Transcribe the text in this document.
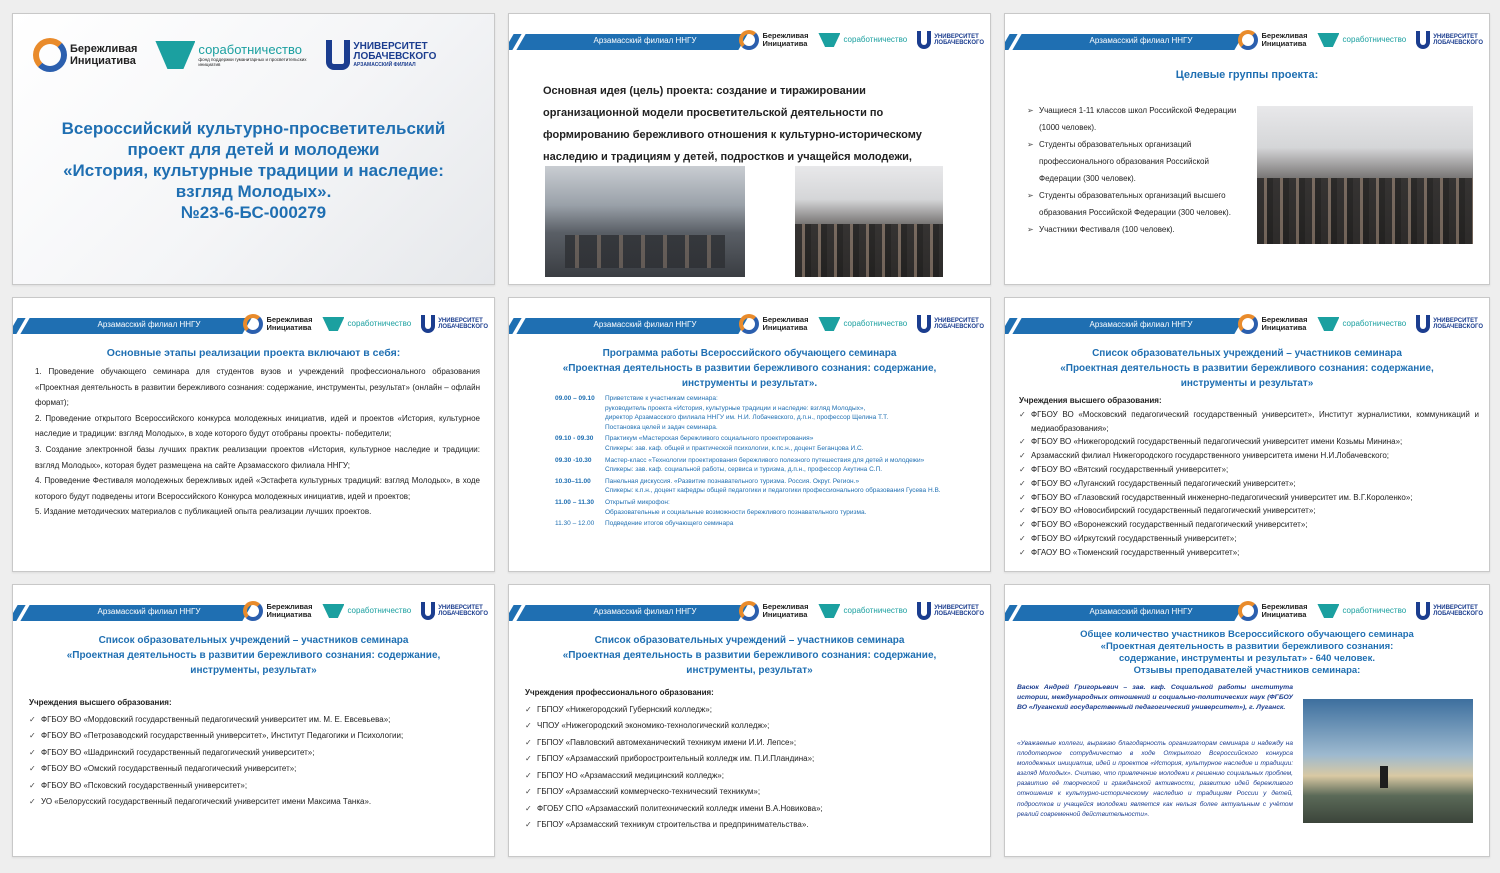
Бережливая
Инициатива
соработничество
фонд поддержки гуманитарных и просветительских инициатив
УНИВЕРСИТЕТ
ЛОБАЧЕВСКОГО
АРЗАМАССКИЙ ФИЛИАЛ
Всероссийский культурно-просветительский
проект для детей и молодежи
«История, культурные традиции и наследие:
взгляд Молодых».
№23-6-БС-000279
Арзамасский филиал ННГУ
Бережливая
Инициатива	соработничество	УНИВЕРСИТЕТ
ЛОБАЧЕВСКОГО
Основная идея (цель) проекта: создание и тиражировании организационной модели просветительской деятельности по формированию бережливого отношения к культурно-историческому наследию и традициям у детей, подростков и учащейся молодежи,
Арзамасский филиал ННГУ
Бережливая
Инициатива	соработничество	УНИВЕРСИТЕТ
ЛОБАЧЕВСКОГО
Целевые группы проекта:
➢ Учащиеся 1-11 классов школ Российской Федерации (1000 человек).
➢ Студенты образовательных организаций профессионального образования Российской Федерации (300 человек).
➢ Студенты образовательных организаций высшего образования Российской Федерации (300 человек).
➢ Участники Фестиваля (100 человек).
Арзамасский филиал ННГУ
Бережливая
Инициатива	соработничество	УНИВЕРСИТЕТ
ЛОБАЧЕВСКОГО
Основные этапы реализации проекта включают в себя:
1. Проведение обучающего семинара для студентов вузов и учреждений профессионального образования «Проектная деятельность в развитии бережливого сознания: содержание, инструменты, результат» (онлайн – офлайн формат);
2. Проведение открытого Всероссийского конкурса молодежных инициатив, идей и проектов «История, культурное наследие и традиции: взгляд Молодых», в ходе которого будут отобраны проекты- победители;
3. Создание электронной базы лучших практик реализации проектов «История, культурное наследие и традиции: взгляд Молодых», которая будет размещена на сайте Арзамасского филиала ННГУ;
4. Проведение Фестиваля молодежных бережливых идей «Эстафета культурных традиций: взгляд Молодых», в ходе которого будут подведены итоги Всероссийского Конкурса молодежных инициатив, идей и проектов;
5. Издание методических материалов с публикацией опыта реализации лучших проектов.
Арзамасский филиал ННГУ
Бережливая
Инициатива	соработничество	УНИВЕРСИТЕТ
ЛОБАЧЕВСКОГО
Программа работы Всероссийского обучающего семинара
«Проектная деятельность в развитии бережливого сознания: содержание,
инструменты и результат».
09.00 – 09.10	Приветствие к участникам семинара:
руководитель проекта «История, культурные традиции и наследие: взгляд Молодых»,
директор Арзамасского филиала ННГУ им. Н.И. Лобачевского, д.п.н., профессор Щелина Т.Т.
Постановка целей и задач семинара.
09.10 - 09.30	Практикум «Мастерская бережливого социального проектирования»
Спикеры: зав. каф. общей и практической психологии, к.пс.н., доцент Беганцова И.С.
09.30 -10.30	Мастер-класс «Технологии проектирования бережливого полезного путешествия для детей и молодежи»
Спикеры: зав. каф. социальной работы, сервиса и туризма, д.п.н., профессор Акутина С.П.
10.30–11.00	Панельная дискуссия. «Развитие познавательного туризма. Россия. Округ. Регион.»
Спикеры: к.п.н., доцент кафедры общей педагогики и педагогики профессионального образования Гусева Н.В.
11.00 – 11.30	Открытый микрофон:
Образовательные и социальные возможности бережливого познавательного туризма.
11.30 – 12.00	Подведение итогов обучающего семинара
Арзамасский филиал ННГУ
Бережливая
Инициатива	соработничество	УНИВЕРСИТЕТ
ЛОБАЧЕВСКОГО
Список образовательных учреждений – участников семинара
«Проектная деятельность в развитии бережливого сознания: содержание,
инструменты и результат»
Учреждения высшего образования:
✓ ФГБОУ ВО «Московский педагогический государственный университет», Институт журналистики, коммуникаций и медиаобразования»;
✓ ФГБОУ ВО «Нижегородский государственный педагогический университет имени Козьмы Минина»;
✓ Арзамасский филиал Нижегородского государственного университета имени Н.И.Лобачевского;
✓ ФГБОУ ВО «Вятский государственный университет»;
✓ ФГБОУ ВО «Луганский государственный педагогический университет»;
✓ ФГБОУ ВО «Глазовский государственный инженерно-педагогический университет им. В.Г.Короленко»;
✓ ФГБОУ ВО «Новосибирский государственный педагогический университет»;
✓ ФГБОУ ВО «Воронежский государственный педагогический университет»;
✓ ФГБОУ ВО «Иркутский государственный университет»;
✓ ФГАОУ ВО «Тюменский государственный университет»;
Арзамасский филиал ННГУ
Бережливая
Инициатива	соработничество	УНИВЕРСИТЕТ
ЛОБАЧЕВСКОГО
Список образовательных учреждений – участников семинара
«Проектная деятельность в развитии бережливого сознания: содержание,
инструменты, результат»
Учреждения высшего образования:
✓ ФГБОУ ВО «Мордовский государственный педагогический университет им. М. Е. Евсевьева»;
✓ ФГБОУ ВО «Петрозаводский государственный университет», Институт Педагогики и Психологии;
✓ ФГБОУ ВО «Шадринский государственный педагогический университет»;
✓ ФГБОУ ВО «Омский государственный педагогический университет»;
✓ ФГБОУ ВО «Псковский государственный университет»;
✓ УО «Белорусский государственный педагогический университет имени Максима Танка».
Арзамасский филиал ННГУ
Бережливая
Инициатива	соработничество	УНИВЕРСИТЕТ
ЛОБАЧЕВСКОГО
Список образовательных учреждений – участников семинара
«Проектная деятельность в развитии бережливого сознания: содержание,
инструменты, результат»
Учреждения профессионального образования:
✓ ГБПОУ «Нижегородский Губернский колледж»;
✓ ЧПОУ «Нижегородский экономико-технологический колледж»;
✓ ГБПОУ «Павловский автомеханический техникум имени И.И. Лепсе»;
✓ ГБПОУ «Арзамасский приборостроительный колледж им. П.И.Пландина»;
✓ ГБПОУ НО «Арзамасский медицинский колледж»;
✓ ГБПОУ «Арзамасский коммерческо-технический техникум»;
✓ ФГОБУ СПО «Арзамасский политехнический колледж имени В.А.Новикова»;
✓ ГБПОУ «Арзамасский техникум строительства и предпринимательства».
Арзамасский филиал ННГУ
Бережливая
Инициатива	соработничество	УНИВЕРСИТЕТ
ЛОБАЧЕВСКОГО
Общее количество участников Всероссийского обучающего семинара
«Проектная деятельность в развитии бережливого сознания:
содержание, инструменты и результат» - 640 человек.
Отзывы преподавателей участников семинара:
Васюк Андрей Григорьевич – зав. каф. Социальной работы института истории, международных отношений и социально-политических наук (ФГБОУ ВО «Луганский государственный педагогический университет»), г. Луганск.
«Уважаемые коллеги, выражаю благодарность организаторам семинара и надежду на плодотворное сотрудничество в ходе Открытого Всероссийского конкурса молодежных инициатив, идей и проектов «История, культурное наследие и традиции: взгляд Молодых». Считаю, что привлечение молодежи к решению социальных проблем, развитию её творческой и гражданской активности, развитию идей бережливого отношения к культурно-историческому наследию и традициям России у детей, подростков и учащейся молодежи является как нельзя более актуальным с учётом реалий современной действительности».
